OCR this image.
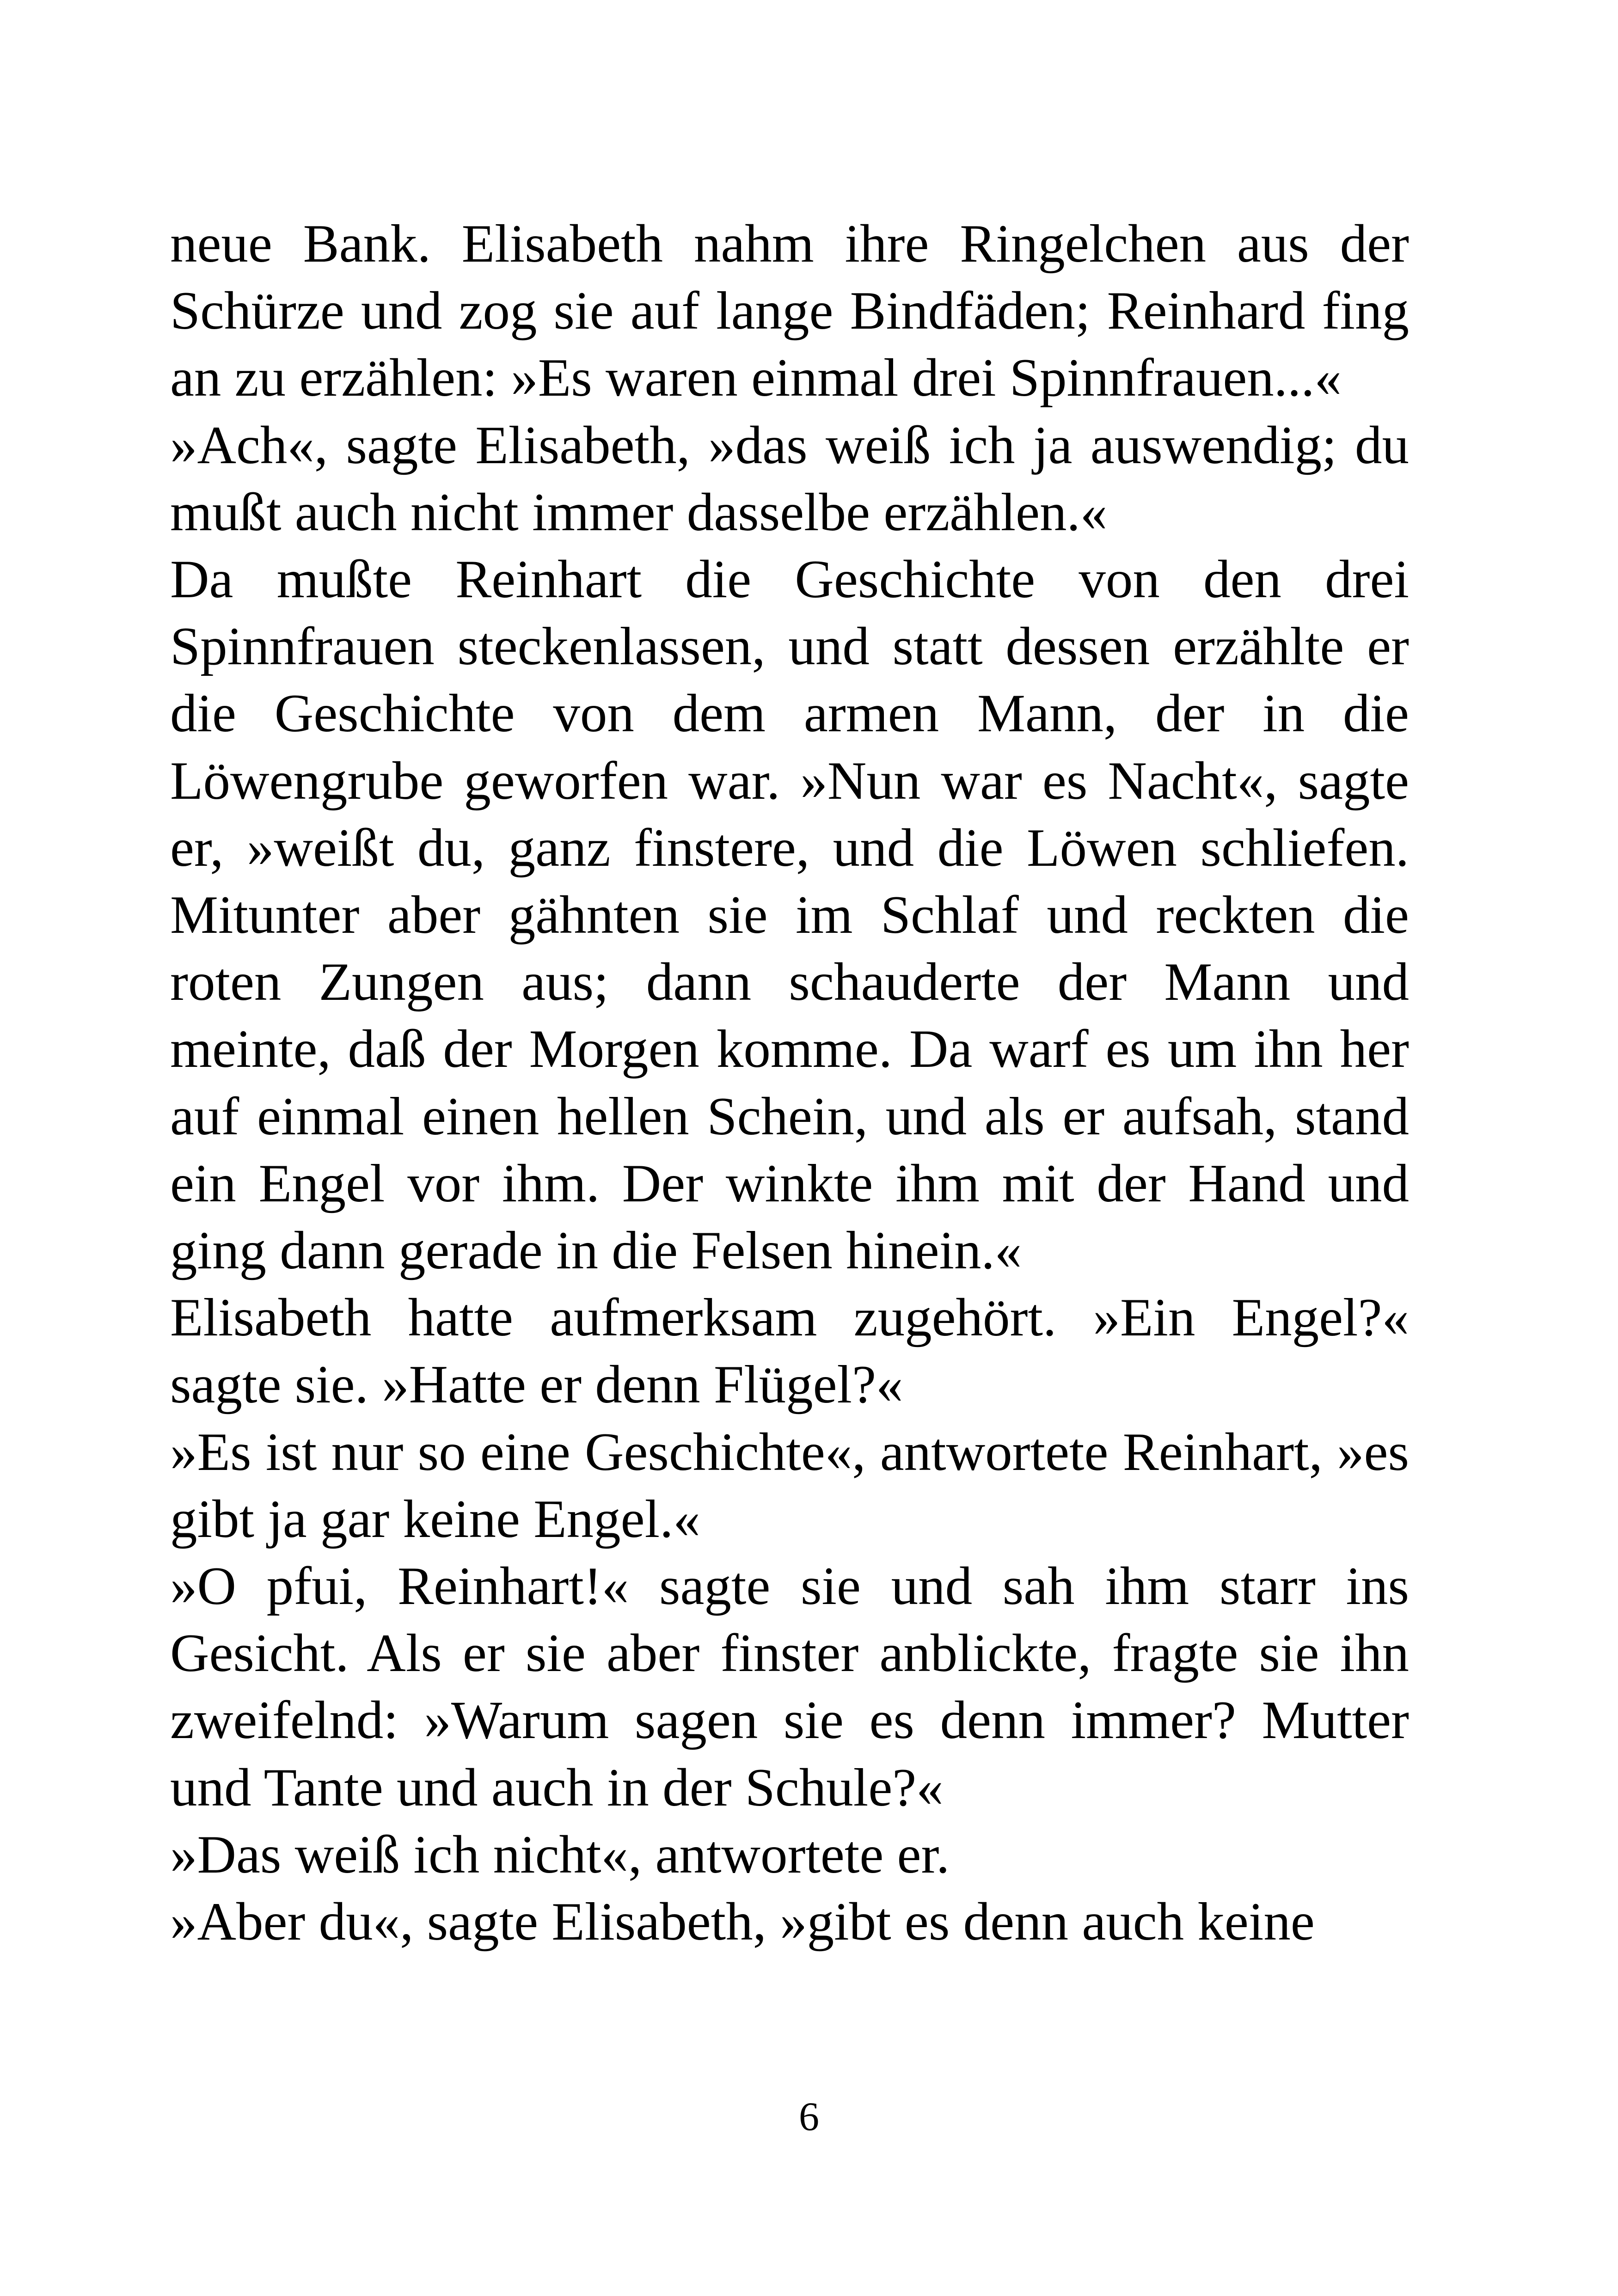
neue Bank. Elisabeth nahm ihre Ringelchen aus der Schürze und zog sie auf lange Bindfäden; Reinhard fing an zu erzählen: »Es waren einmal drei Spinnfrauen...«

»Ach«, sagte Elisabeth, »das weiß ich ja auswendig; du mußt auch nicht immer dasselbe erzählen.«

Da mußte Reinhart die Geschichte von den drei Spinnfrauen steckenlassen, und statt dessen erzählte er die Geschichte von dem armen Mann, der in die Löwengrube geworfen war. »Nun war es Nacht«, sagte er, »weißt du, ganz finstere, und die Löwen schliefen. Mitunter aber gähnten sie im Schlaf und reckten die roten Zungen aus; dann schauderte der Mann und meinte, daß der Morgen komme. Da warf es um ihn her auf einmal einen hellen Schein, und als er aufsah, stand ein Engel vor ihm. Der winkte ihm mit der Hand und ging dann gerade in die Felsen hinein.«

Elisabeth hatte aufmerksam zugehört. »Ein Engel?« sagte sie. »Hatte er denn Flügel?«

»Es ist nur so eine Geschichte«, antwortete Reinhart, »es gibt ja gar keine Engel.«

»O pfui, Reinhart!« sagte sie und sah ihm starr ins Gesicht. Als er sie aber finster anblickte, fragte sie ihn zweifelnd: »Warum sagen sie es denn immer? Mutter und Tante und auch in der Schule?«

»Das weiß ich nicht«, antwortete er.

»Aber du«, sagte Elisabeth, »gibt es denn auch keine

6
